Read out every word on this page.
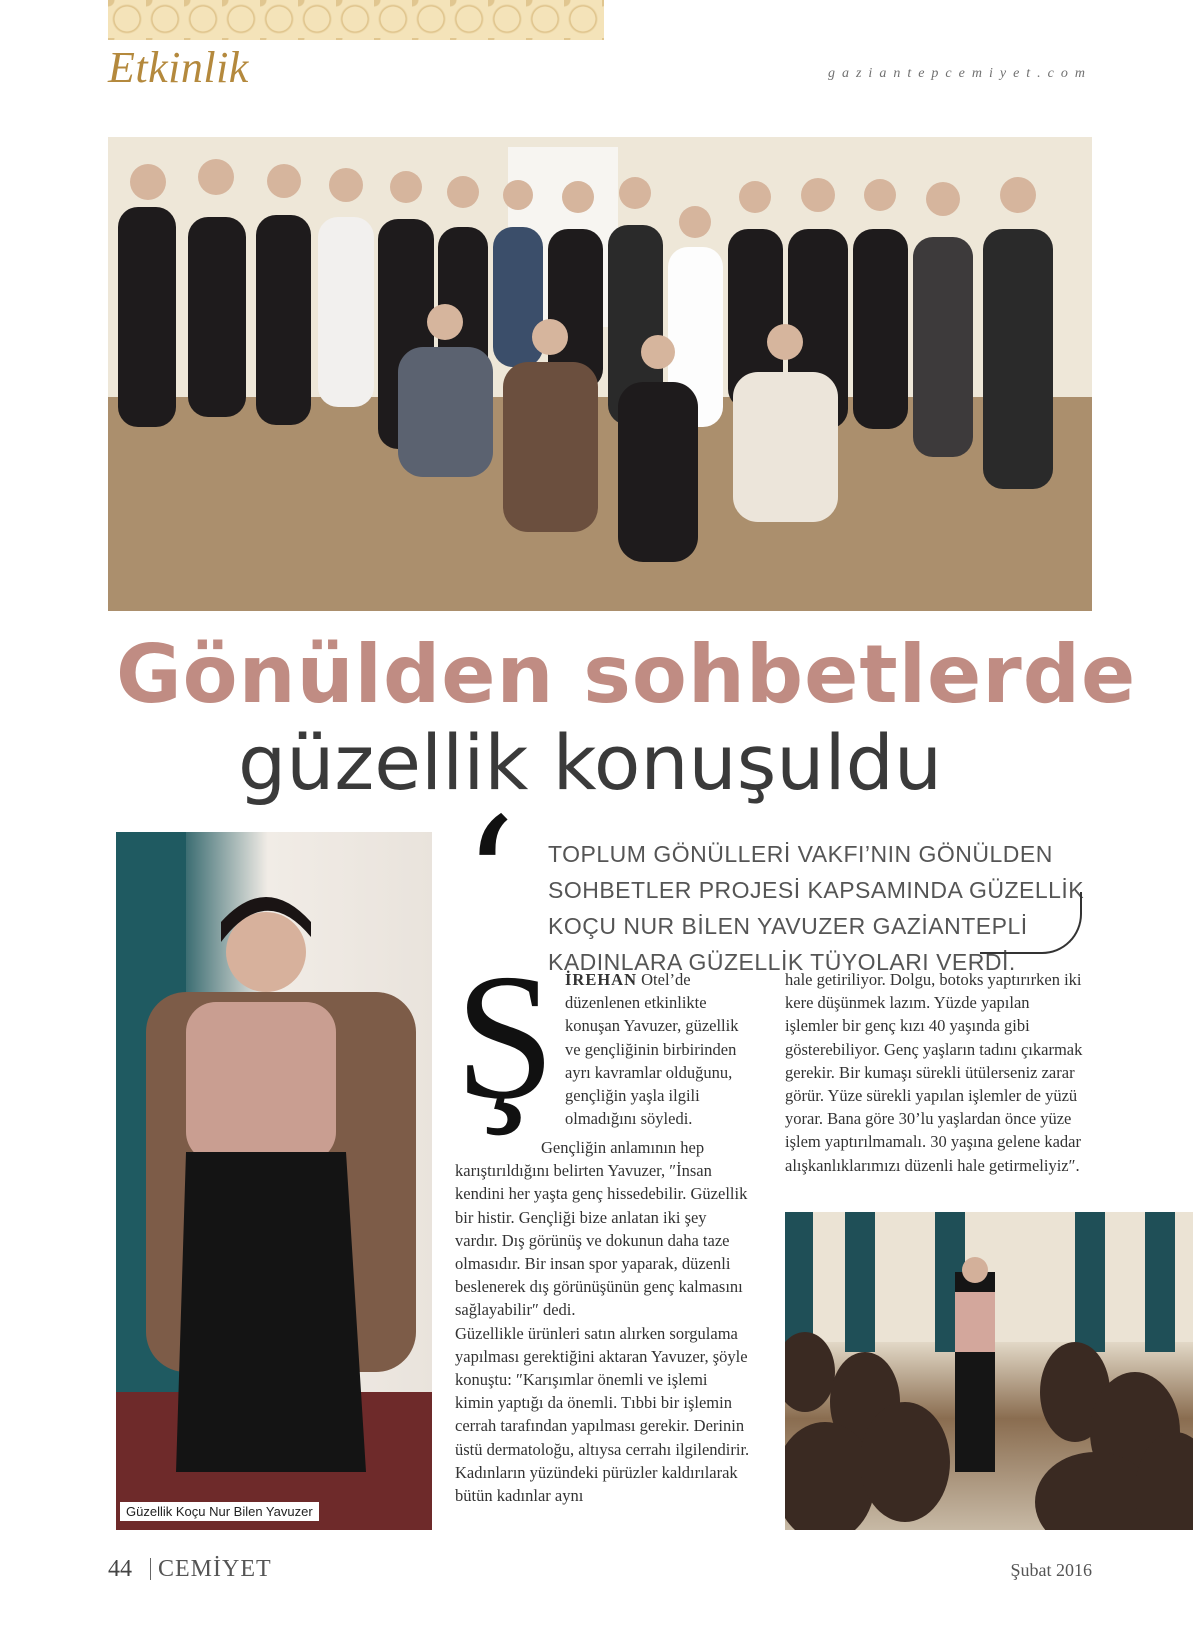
Etkinlik	gaziantepcemiyet.com
Gönülden sohbetlerde
güzellik konuşuldu
Güzellik Koçu Nur Bilen Yavuzer
‘ TOPLUM GÖNÜLLERİ VAKFI’NIN GÖNÜLDEN SOHBETLER PROJESİ KAPSAMINDA GÜZELLİK KOÇU NUR BİLEN YAVUZER GAZİANTEPLİ KADINLARA GÜZELLİK TÜYOLARI VERDİ.
Ş İREHAN Otel’de düzenlenen etkinlikte konuşan Yavuzer, güzellik ve gençliğinin birbirinden ayrı kavramlar olduğunu, gençliğin yaşla ilgili olmadığını söyledi.

Gençliğin anlamının hep karıştırıldığını belirten Yavuzer, ″İnsan kendini her yaşta genç hissedebilir. Güzellik bir histir. Gençliği bize anlatan iki şey vardır. Dış görünüş ve dokunun daha taze olmasıdır. Bir insan spor yaparak, düzenli beslenerek dış görünüşünün genç kalmasını sağlayabilir″ dedi.

Güzellikle ürünleri satın alırken sorgulama yapılması gerektiğini aktaran Yavuzer, şöyle konuştu: ″Karışımlar önemli ve işlemi kimin yaptığı da önemli. Tıbbi bir işlemin cerrah tarafından yapılması gerekir. Derinin üstü dermatoloğu, altıysa cerrahı ilgilendirir. Kadınların yüzündeki pürüzler kaldırılarak bütün kadınlar aynı

hale getiriliyor. Dolgu, botoks yaptırırken iki kere düşünmek lazım. Yüzde yapılan işlemler bir genç kızı 40 yaşında gibi gösterebiliyor. Genç yaşların tadını çıkarmak gerekir. Bir kumaşı sürekli ütülerseniz zarar görür. Yüze sürekli yapılan işlemler de yüzü yorar. Bana göre 30’lu yaşlardan önce yüze işlem yaptırılmamalı. 30 yaşına gelene kadar alışkanlıklarımızı düzenli hale getirmeliyiz″.

44 CEMİYET	Şubat 2016
